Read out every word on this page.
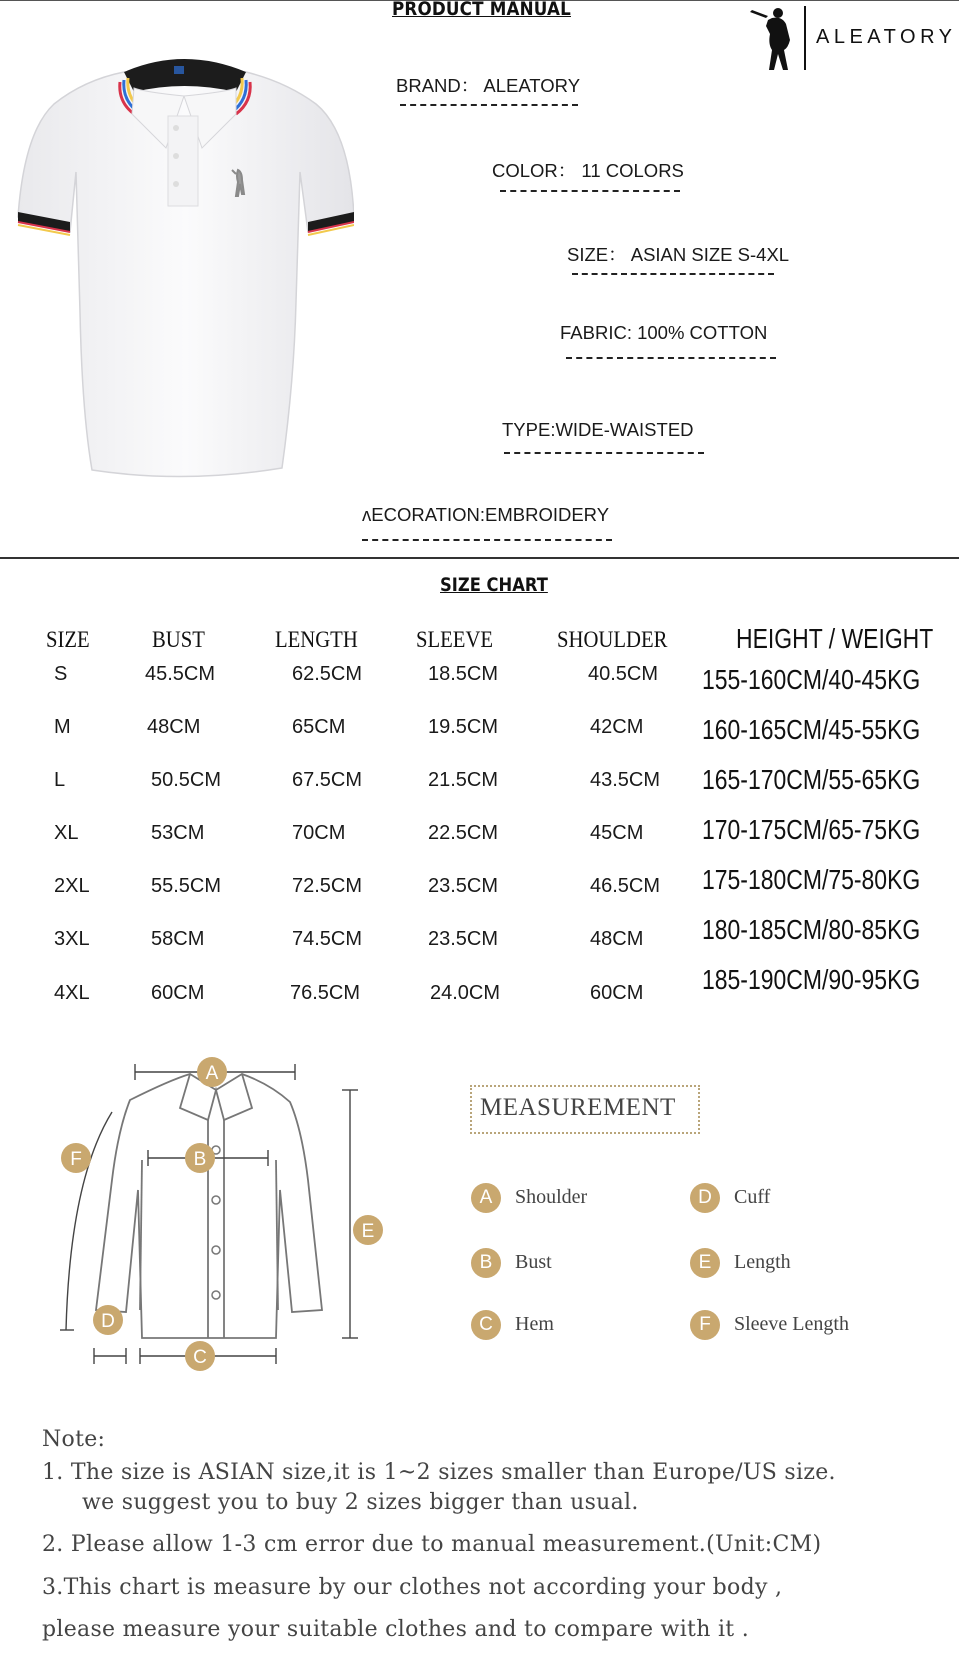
PRODUCT MANUAL
ALEATORY
BRAND： ALEATORY
COLOR： 11 COLORS
SIZE： ASIAN SIZE S-4XL
FABRIC: 100% COTTON
TYPE:WIDE-WAISTED
ʌECORATION:EMBROIDERY
SIZE CHART
SIZE	BUST	LENGTH	SLEEVE	SHOULDER HEIGHT / WEIGHT
S	45.5CM	62.5CM	18.5CM	40.5CM 155-160CM/40-45KG
M	48CM	65CM	19.5CM	42CM 160-165CM/45-55KG
L	50.5CM	67.5CM	21.5CM	43.5CM 165-170CM/55-65KG
XL	53CM	70CM	22.5CM	45CM 170-175CM/65-75KG
2XL	55.5CM	72.5CM	23.5CM	46.5CM 175-180CM/75-80KG
3XL	58CM	74.5CM	23.5CM	48CM 180-185CM/80-85KG
4XL	60CM	76.5CM	24.0CM	60CM 185-190CM/90-95KG
A
B
C
D
E
F
MEASUREMENT
A	Shoulder
B	Bust
C	Hem
D	Cuff
E	Length
F	Sleeve Length
Note:
1. The size is ASIAN size,it is 1~2 sizes smaller than Europe/US size.
we suggest you to buy 2 sizes bigger than usual.
2. Please allow 1-3 cm error due to manual measurement.(Unit:CM)
3.This chart is measure by our clothes not according your body ,
please measure your suitable clothes and to compare with it .
